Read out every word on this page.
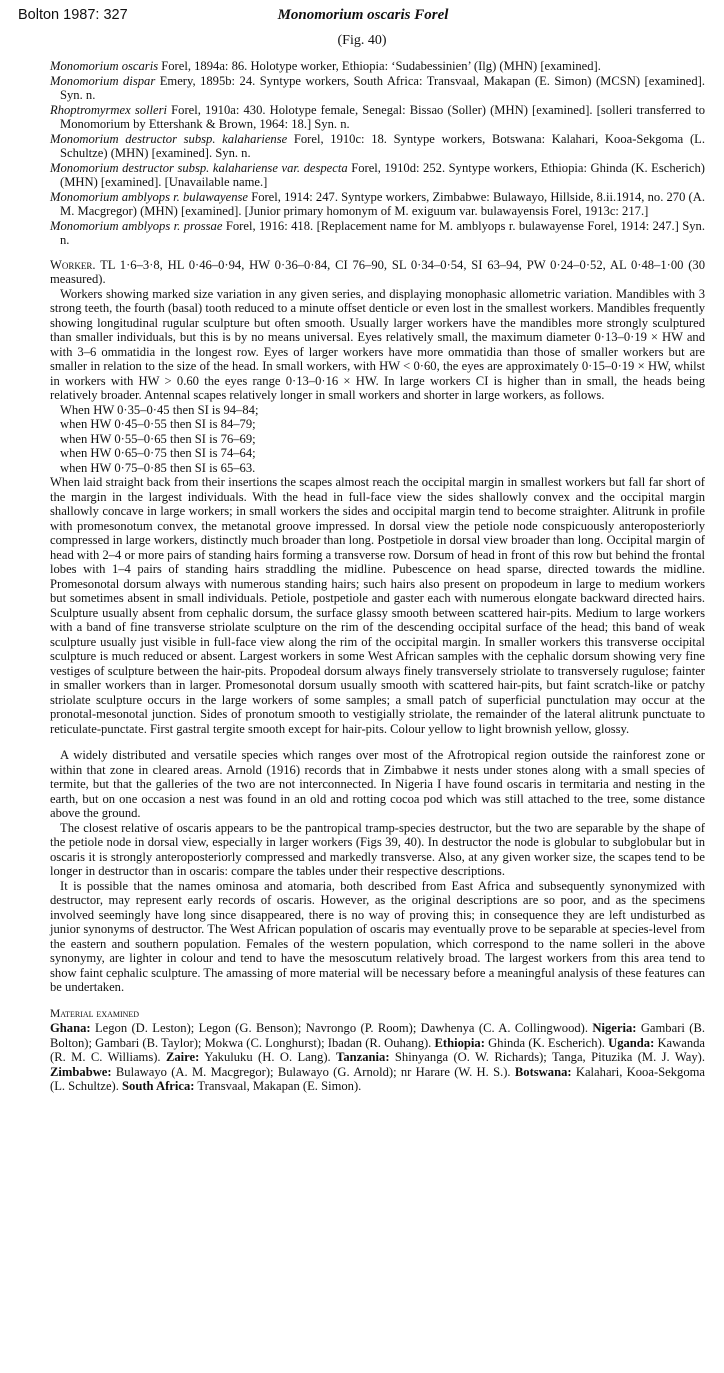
Bolton 1987: 327	Monomorium oscaris Forel
(Fig. 40)

Monomorium oscaris Forel, 1894a: 86. Holotype worker, Ethiopia: ‘Sudabessinien’ (Ilg) (MHN) [examined].

Monomorium dispar Emery, 1895b: 24. Syntype workers, South Africa: Transvaal, Makapan (E. Simon) (MCSN) [examined]. Syn. n.

Rhoptromyrmex solleri Forel, 1910a: 430. Holotype female, Senegal: Bissao (Soller) (MHN) [examined]. [solleri transferred to Monomorium by Ettershank & Brown, 1964: 18.] Syn. n.

Monomorium destructor subsp. kalahariense Forel, 1910c: 18. Syntype workers, Botswana: Kalahari, Kooa-Sekgoma (L. Schultze) (MHN) [examined]. Syn. n.

Monomorium destructor subsp. kalahariense var. despecta Forel, 1910d: 252. Syntype workers, Ethiopia: Ghinda (K. Escherich) (MHN) [examined]. [Unavailable name.]

Monomorium amblyops r. bulawayense Forel, 1914: 247. Syntype workers, Zimbabwe: Bulawayo, Hillside, 8.ii.1914, no. 270 (A. M. Macgregor) (MHN) [examined]. [Junior primary homonym of M. exiguum var. bulawayensis Forel, 1913c: 217.]

Monomorium amblyops r. prossae Forel, 1916: 418. [Replacement name for M. amblyops r. bulawayense Forel, 1914: 247.] Syn. n.

Worker. TL 1·6–3·8, HL 0·46–0·94, HW 0·36–0·84, CI 76–90, SL 0·34–0·54, SI 63–94, PW 0·24–0·52, AL 0·48–1·00 (30 measured).

Workers showing marked size variation in any given series, and displaying monophasic allometric variation. Mandibles with 3 strong teeth, the fourth (basal) tooth reduced to a minute offset denticle or even lost in the smallest workers. Mandibles frequently showing longitudinal rugular sculpture but often smooth. Usually larger workers have the mandibles more strongly sculptured than smaller individuals, but this is by no means universal. Eyes relatively small, the maximum diameter 0·13–0·19 × HW and with 3–6 ommatidia in the longest row. Eyes of larger workers have more ommatidia than those of smaller workers but are smaller in relation to the size of the head. In small workers, with HW < 0·60, the eyes are approximately 0·15–0·19 × HW, whilst in workers with HW > 0.60 the eyes range 0·13–0·16 × HW. In large workers CI is higher than in small, the heads being relatively broader. Antennal scapes relatively longer in small workers and shorter in large workers, as follows.

When HW 0·35–0·45 then SI is 94–84;
when HW 0·45–0·55 then SI is 84–79;
when HW 0·55–0·65 then SI is 76–69;
when HW 0·65–0·75 then SI is 74–64;
when HW 0·75–0·85 then SI is 65–63.

When laid straight back from their insertions the scapes almost reach the occipital margin in smallest workers but fall far short of the margin in the largest individuals. With the head in full-face view the sides shallowly convex and the occipital margin shallowly concave in large workers; in small workers the sides and occipital margin tend to become straighter. Alitrunk in profile with promesonotum convex, the metanotal groove impressed. In dorsal view the petiole node conspicuously anteroposteriorly compressed in large workers, distinctly much broader than long. Postpetiole in dorsal view broader than long. Occipital margin of head with 2–4 or more pairs of standing hairs forming a transverse row. Dorsum of head in front of this row but behind the frontal lobes with 1–4 pairs of standing hairs straddling the midline. Pubescence on head sparse, directed towards the midline. Promesonotal dorsum always with numerous standing hairs; such hairs also present on propodeum in large to medium workers but sometimes absent in small individuals. Petiole, postpetiole and gaster each with numerous elongate backward directed hairs. Sculpture usually absent from cephalic dorsum, the surface glassy smooth between scattered hair-pits. Medium to large workers with a band of fine transverse striolate sculpture on the rim of the descending occipital surface of the head; this band of weak sculpture usually just visible in full-face view along the rim of the occipital margin. In smaller workers this transverse occipital sculpture is much reduced or absent. Largest workers in some West African samples with the cephalic dorsum showing very fine vestiges of sculpture between the hair-pits. Propodeal dorsum always finely transversely striolate to transversely rugulose; fainter in smaller workers than in larger. Promesonotal dorsum usually smooth with scattered hair-pits, but faint scratch-like or patchy striolate sculpture occurs in the large workers of some samples; a small patch of superficial punctulation may occur at the pronotal-mesonotal junction. Sides of pronotum smooth to vestigially striolate, the remainder of the lateral alitrunk punctuate to reticulate-punctate. First gastral tergite smooth except for hair-pits. Colour yellow to light brownish yellow, glossy.

A widely distributed and versatile species which ranges over most of the Afrotropical region outside the rainforest zone or within that zone in cleared areas. Arnold (1916) records that in Zimbabwe it nests under stones along with a small species of termite, but that the galleries of the two are not interconnected. In Nigeria I have found oscaris in termitaria and nesting in the earth, but on one occasion a nest was found in an old and rotting cocoa pod which was still attached to the tree, some distance above the ground.

The closest relative of oscaris appears to be the pantropical tramp-species destructor, but the two are separable by the shape of the petiole node in dorsal view, especially in larger workers (Figs 39, 40). In destructor the node is globular to subglobular but in oscaris it is strongly anteroposteriorly compressed and markedly transverse. Also, at any given worker size, the scapes tend to be longer in destructor than in oscaris: compare the tables under their respective descriptions.

It is possible that the names ominosa and atomaria, both described from East Africa and subsequently synonymized with destructor, may represent early records of oscaris. However, as the original descriptions are so poor, and as the specimens involved seemingly have long since disappeared, there is no way of proving this; in consequence they are left undisturbed as junior synonyms of destructor. The West African population of oscaris may eventually prove to be separable at species-level from the eastern and southern population. Females of the western population, which correspond to the name solleri in the above synonymy, are lighter in colour and tend to have the mesoscutum relatively broad. The largest workers from this area tend to show faint cephalic sculpture. The amassing of more material will be necessary before a meaningful analysis of these features can be undertaken.

Material examined

Ghana: Legon (D. Leston); Legon (G. Benson); Navrongo (P. Room); Dawhenya (C. A. Collingwood). Nigeria: Gambari (B. Bolton); Gambari (B. Taylor); Mokwa (C. Longhurst); Ibadan (R. Ouhang). Ethiopia: Ghinda (K. Escherich). Uganda: Kawanda (R. M. C. Williams). Zaire: Yakuluku (H. O. Lang). Tanzania: Shinyanga (O. W. Richards); Tanga, Pituzika (M. J. Way). Zimbabwe: Bulawayo (A. M. Macgregor); Bulawayo (G. Arnold); nr Harare (W. H. S.). Botswana: Kalahari, Kooa-Sekgoma (L. Schultze). South Africa: Transvaal, Makapan (E. Simon).
